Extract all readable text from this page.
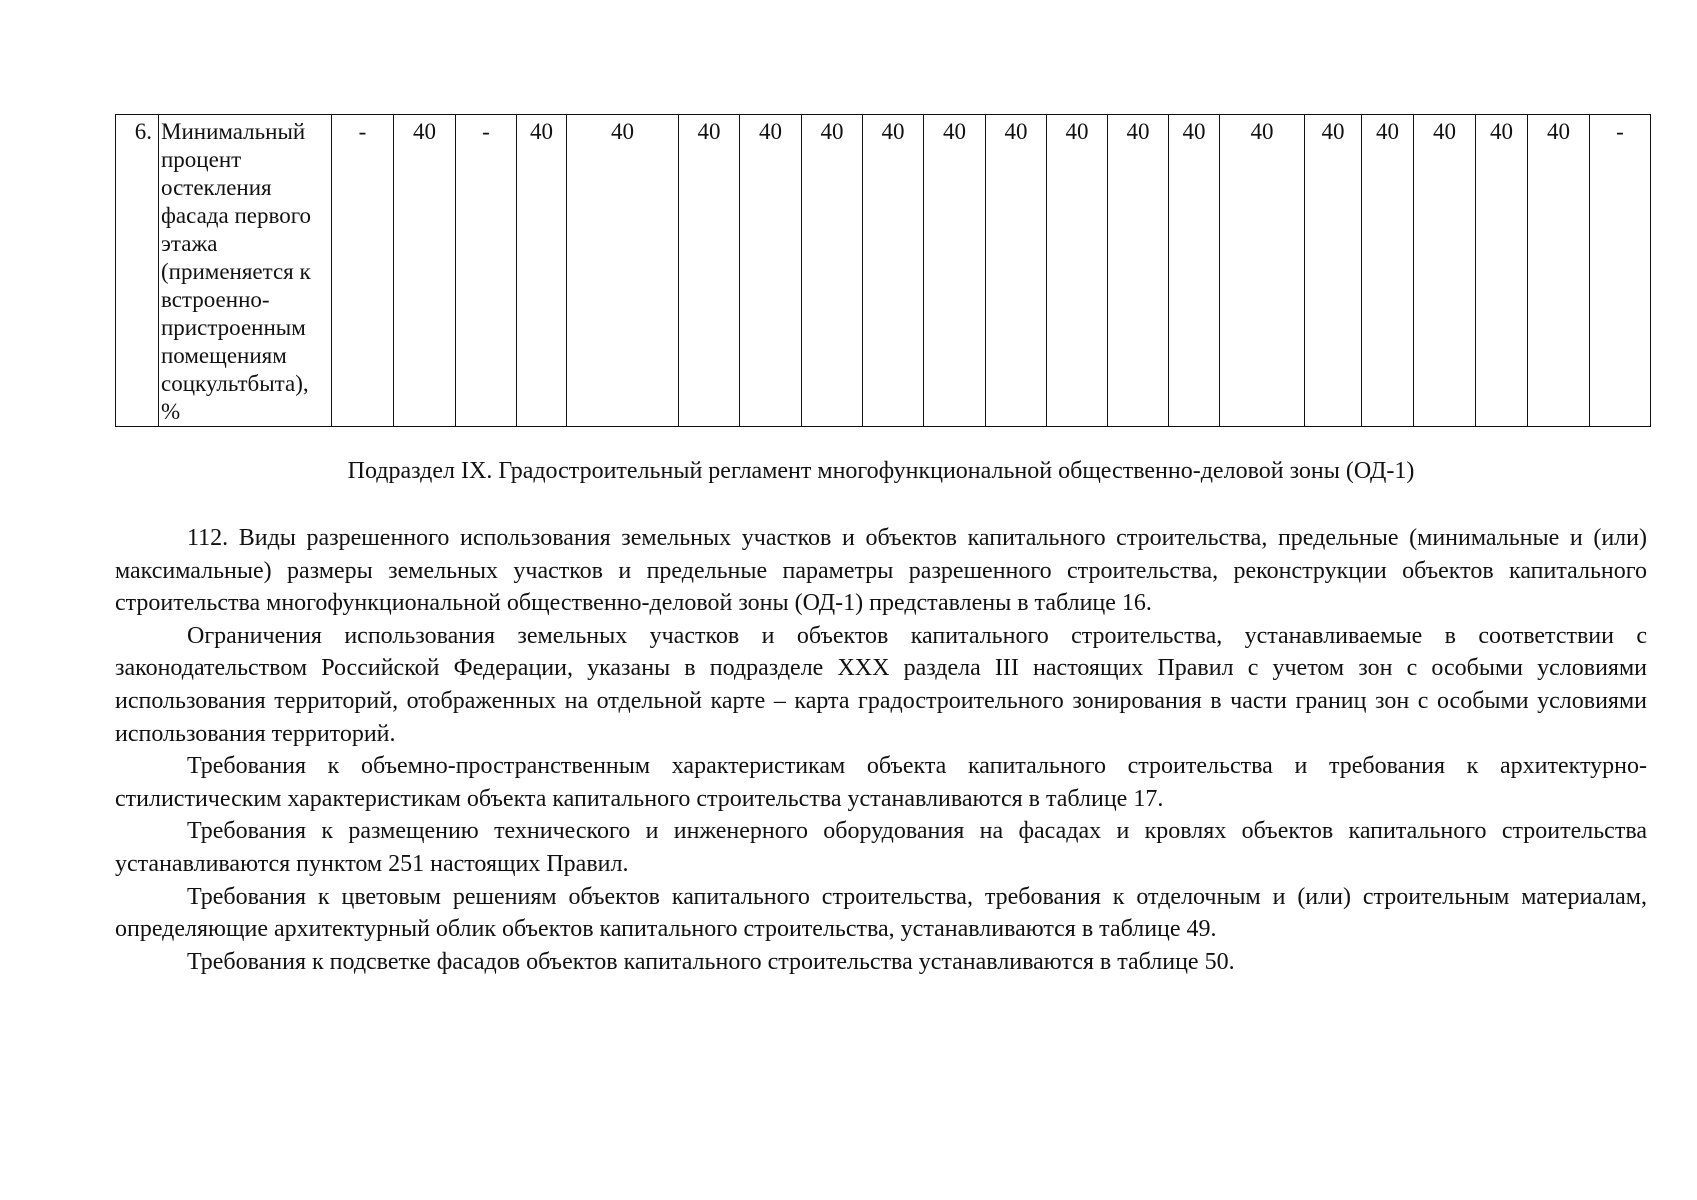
6.	Минимальный процент остекления фасада первого этажа (применяется к встроенно-пристроенным помещениям соцкультбыта), %	-	40	-	40	40	40	40	40	40	40	40	40	40	40	40	40	40	40	40	40	-
Подраздел IX. Градостроительный регламент многофункциональной общественно-деловой зоны (ОД-1)

112. Виды разрешенного использования земельных участков и объектов капитального строительства, предельные (минимальные и (или) максимальные) размеры земельных участков и предельные параметры разрешенного строительства, реконструкции объектов капитального строительства многофункциональной общественно-деловой зоны (ОД-1) представлены в таблице 16.

Ограничения использования земельных участков и объектов капитального строительства, устанавливаемые в соответствии с законодательством Российской Федерации, указаны в подразделе XXX раздела III настоящих Правил с учетом зон с особыми условиями использования территорий, отображенных на отдельной карте – карта градостроительного зонирования в части границ зон с особыми условиями использования территорий.

Требования к объемно-пространственным характеристикам объекта капитального строительства и требования к архитектурно-стилистическим характеристикам объекта капитального строительства устанавливаются в таблице 17.

Требования к размещению технического и инженерного оборудования на фасадах и кровлях объектов капитального строительства устанавливаются пунктом 251 настоящих Правил.

Требования к цветовым решениям объектов капитального строительства, требования к отделочным и (или) строительным материалам, определяющие архитектурный облик объектов капитального строительства, устанавливаются в таблице 49.

Требования к подсветке фасадов объектов капитального строительства устанавливаются в таблице 50.
